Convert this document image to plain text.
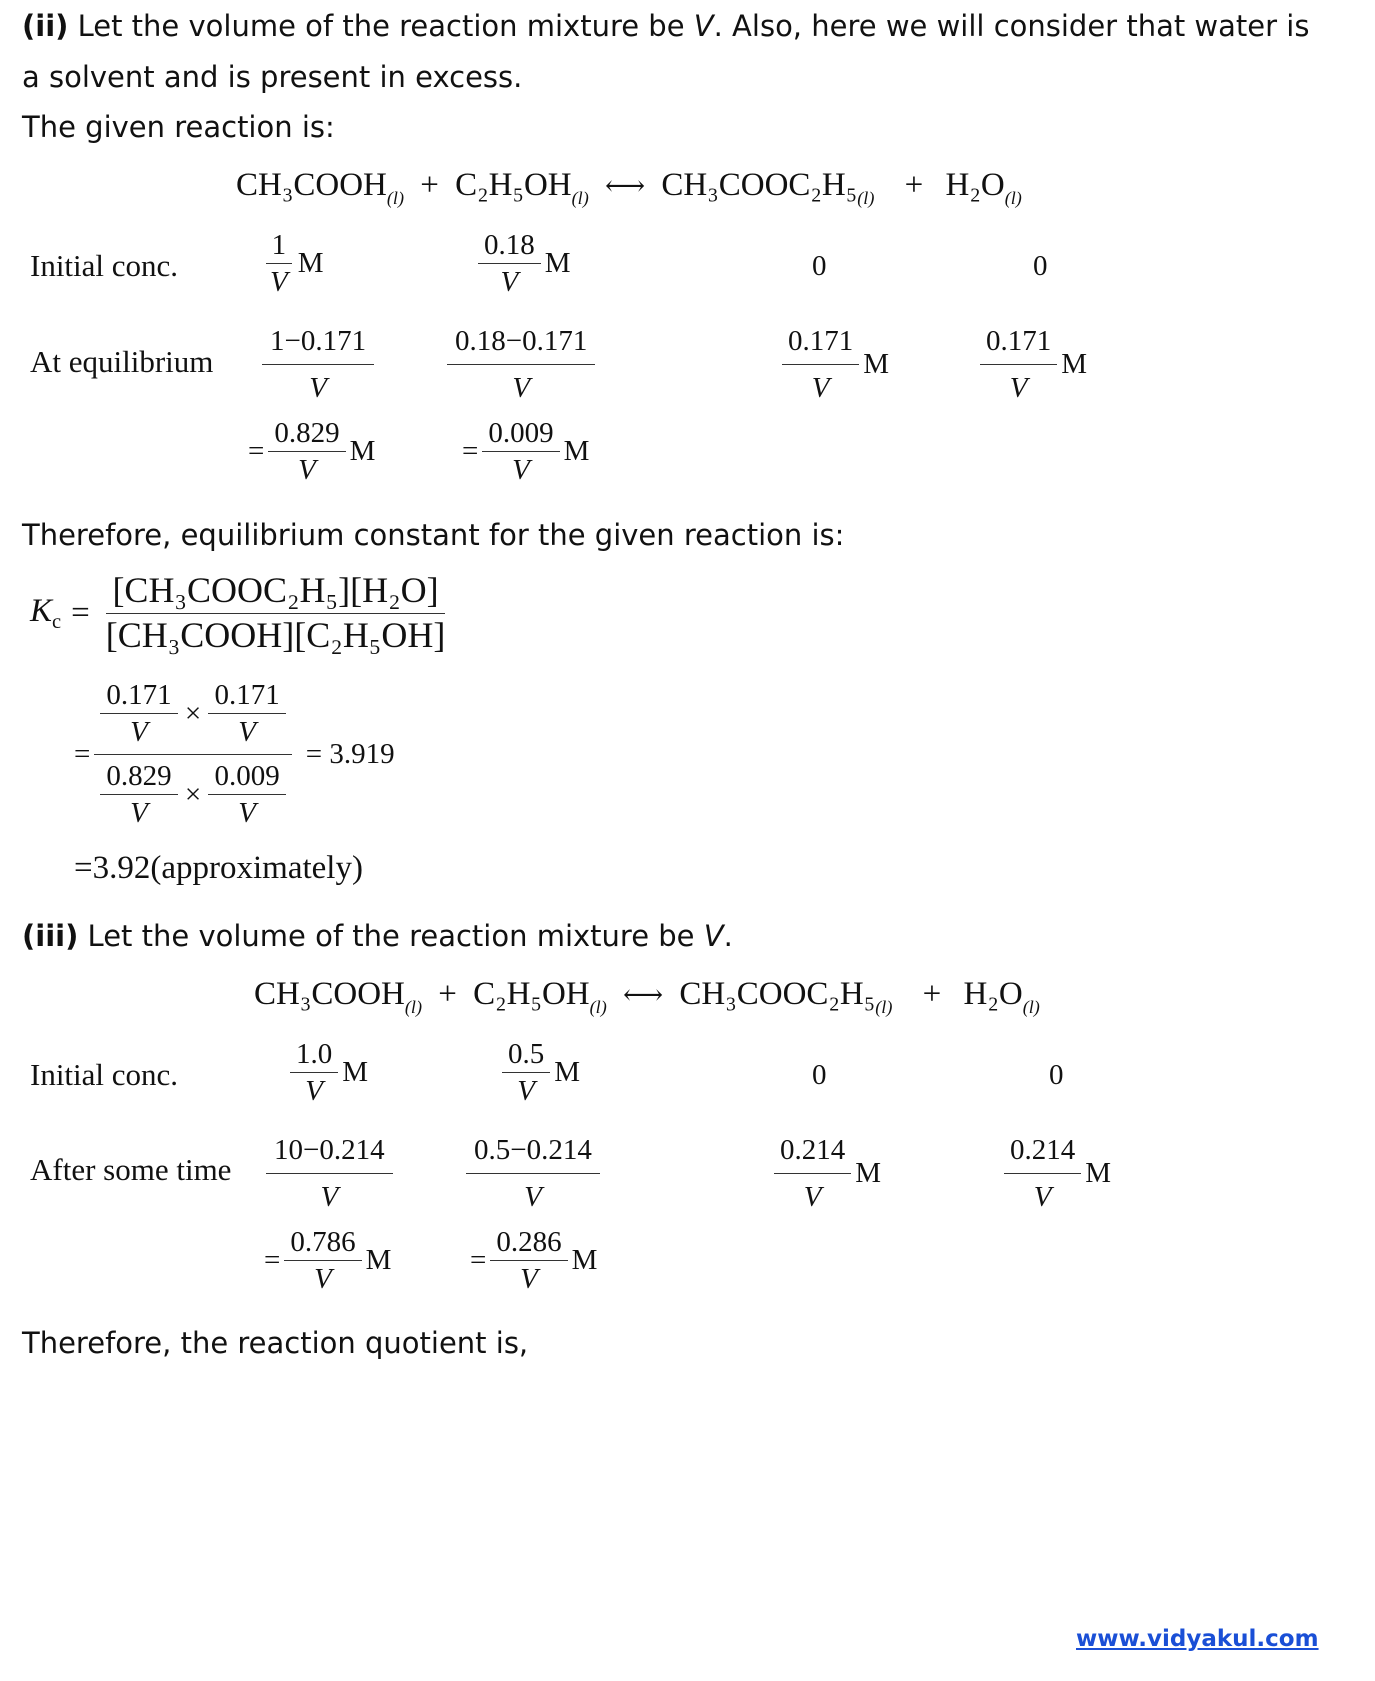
(ii) Let the volume of the reaction mixture be V. Also, here we will consider that water is
a solvent and is present in excess.
The given reaction is:
$CH_3COOH_{(l)} + C_2H_5OH_{(l)}$ ⟷ $CH_3COOC_2H_5_{(l)} + H_2O_{(l)}$
Initial conc.	$\frac{1}{V}$ M	$\frac{0.18}{V}$ M	0	0
At equilibrium $\frac{1-0.171}{V}$	$\frac{0.18-0.171}{V}$	$\frac{0.171}{V}$ M	$\frac{0.171}{V}$ M
= $\frac{0.829}{V}$ M	= $\frac{0.009}{V}$ M
Therefore, equilibrium constant for the given reaction is:
$K_c = \frac{\text{[CH₃COOC₂H₅][H₂O]}}{\text{[CH₃COOH][C₂H₅OH]}}$
= $\frac{\frac{0.171}{V} \times \frac{0.171}{V}}{\frac{0.829}{V} \times \frac{0.009}{V}} = 3.919$
=3.92(approximately)
(iii) Let the volume of the reaction mixture be V.
$CH_3COOH_{(l)} + C_2H_5OH_{(l)}$ ⟷ $CH_3COOC_2H_5_{(l)} + H_2O_{(l)}$
Initial conc.	$\frac{1.0}{V}$ M	$\frac{0.5}{V}$ M	0	0
After some time $\frac{10-0.214}{V}$	$\frac{0.5-0.214}{V}$	$\frac{0.214}{V}$ M	$\frac{0.214}{V}$ M
= $\frac{0.786}{V}$ M	= $\frac{0.286}{V}$ M
Therefore, the reaction quotient is,
www.vidyakul.com
